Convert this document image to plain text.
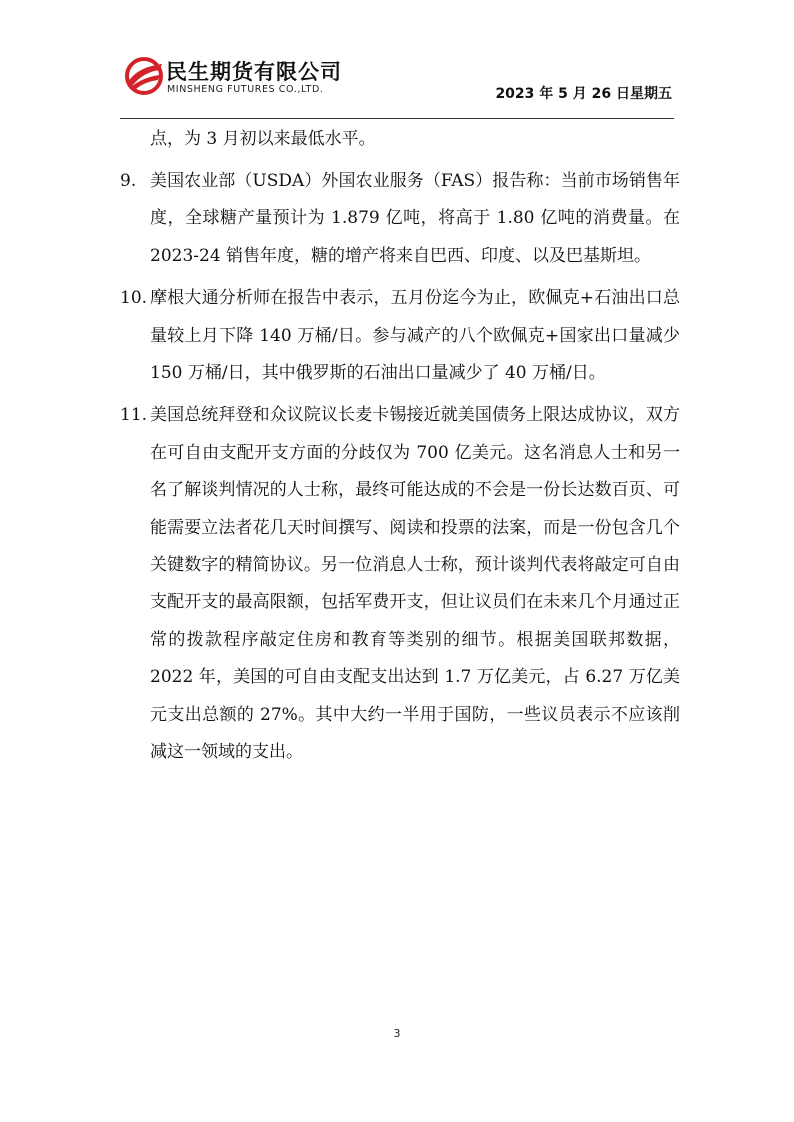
民生期货有限公司
MINSHENG FUTURES CO.,LTD.	2023 年 5 月 26 日星期五
点，为 3 月初以来最低水平。
9. 美国农业部（USDA）外国农业服务（FAS）报告称：当前市场销售年度，全球糖产量预计为 1.879 亿吨，将高于 1.80 亿吨的消费量。在 2023-24 销售年度，糖的增产将来自巴西、印度、以及巴基斯坦。
10. 摩根大通分析师在报告中表示，五月份迄今为止，欧佩克+石油出口总量较上月下降 140 万桶/日。参与减产的八个欧佩克+国家出口量减少 150 万桶/日，其中俄罗斯的石油出口量减少了 40 万桶/日。
11. 美国总统拜登和众议院议长麦卡锡接近就美国债务上限达成协议，双方在可自由支配开支方面的分歧仅为 700 亿美元。这名消息人士和另一名了解谈判情况的人士称，最终可能达成的不会是一份长达数百页、可能需要立法者花几天时间撰写、阅读和投票的法案，而是一份包含几个关键数字的精简协议。另一位消息人士称，预计谈判代表将敲定可自由支配开支的最高限额，包括军费开支，但让议员们在未来几个月通过正常的拨款程序敲定住房和教育等类别的细节。根据美国联邦数据，2022 年，美国的可自由支配支出达到 1.7 万亿美元，占 6.27 万亿美元支出总额的 27%。其中大约一半用于国防，一些议员表示不应该削减这一领域的支出。
3
